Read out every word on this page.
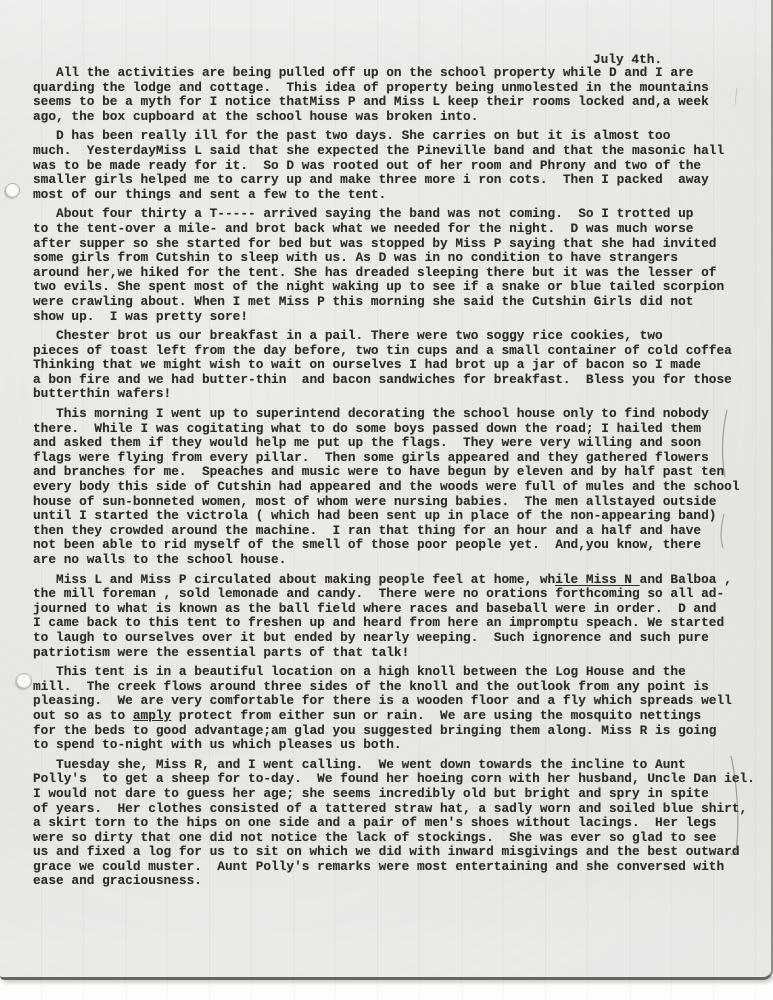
July 4th.
All the activities are being pulled off up on the school property while D and I are
quarding the lodge and cottage.  This idea of property being unmolested in the mountains
seems to be a myth for I notice thatMiss P and Miss L keep their rooms locked and,a week
ago, the box cupboard at the school house was broken into.
D has been really ill for the past two days. She carries on but it is almost too
much.  YesterdayMiss L said that she expected the Pineville band and that the masonic hall
was to be made ready for it.  So D was rooted out of her room and Phrony and two of the
smaller girls helped me to carry up and make three more i ron cots.  Then I packed  away
most of our things and sent a few to the tent.
About four thirty a T----- arrived saying the band was not coming.  So I trotted up
to the tent-over a mile- and brot back what we needed for the night.  D was much worse
after supper so she started for bed but was stopped by Miss P saying that she had invited
some girls from Cutshin to sleep with us. As D was in no condition to have strangers
around her,we hiked for the tent. She has dreaded sleeping there but it was the lesser of
two evils. She spent most of the night waking up to see if a snake or blue tailed scorpion
were crawling about. When I met Miss P this morning she said the Cutshin Girls did not
show up.  I was pretty sore!
Chester brot us our breakfast in a pail. There were two soggy rice cookies, two
pieces of toast left from the day before, two tin cups and a small container of cold coffea
Thinking that we might wish to wait on ourselves I had brot up a jar of bacon so I made
a bon fire and we had butter-thin  and bacon sandwiches for breakfast.  Bless you for those
butterthin wafers!
This morning I went up to superintend decorating the school house only to find nobody
there.  While I was cogitating what to do some boys passed down the road; I hailed them
and asked them if they would help me put up the flags.  They were very willing and soon
flags were flying from every pillar.  Then some girls appeared and they gathered flowers
and branches for me.  Speaches and music were to have begun by eleven and by half past ten
every body this side of Cutshin had appeared and the woods were full of mules and the school
house of sun-bonneted women, most of whom were nursing babies.  The men allstayed outside
until I started the victrola ( which had been sent up in place of the non-appearing band)
then they crowded around the machine.  I ran that thing for an hour and a half and have
not been able to rid myself of the smell of those poor people yet.  And,you know, there
are no walls to the school house.
Miss L and Miss P circulated about making people feel at home, while Miss N and Balboa ,
the mill foreman , sold lemonade and candy.  There were no orations forthcoming so all ad-
journed to what is known as the ball field where races and baseball were in order.  D and
I came back to this tent to freshen up and heard from here an impromptu speach. We started
to laugh to ourselves over it but ended by nearly weeping.  Such ignorence and such pure
patriotism were the essential parts of that talk!
This tent is in a beautiful location on a high knoll between the Log House and the
mill.  The creek flows around three sides of the knoll and the outlook from any point is
pleasing.  We are very comfortable for there is a wooden floor and a fly which spreads well
out so as to amply protect from either sun or rain.  We are using the mosquito nettings
for the beds to good advantage;am glad you suggested bringing them along. Miss R is going
to spend to-night with us which pleases us both.
Tuesday she, Miss R, and I went calling.  We went down towards the incline to Aunt
Polly's  to get a sheep for to-day.  We found her hoeing corn with her husband, Uncle Dan iel.
I would not dare to guess her age; she seems incredibly old but bright and spry in spite
of years.  Her clothes consisted of a tattered straw hat, a sadly worn and soiled blue shirt,
a skirt torn to the hips on one side and a pair of men's shoes without lacings.  Her legs
were so dirty that one did not notice the lack of stockings.  She was ever so glad to see
us and fixed a log for us to sit on which we did with inward misgivings and the best outward
grace we could muster.  Aunt Polly's remarks were most entertaining and she conversed with
ease and graciousness.
